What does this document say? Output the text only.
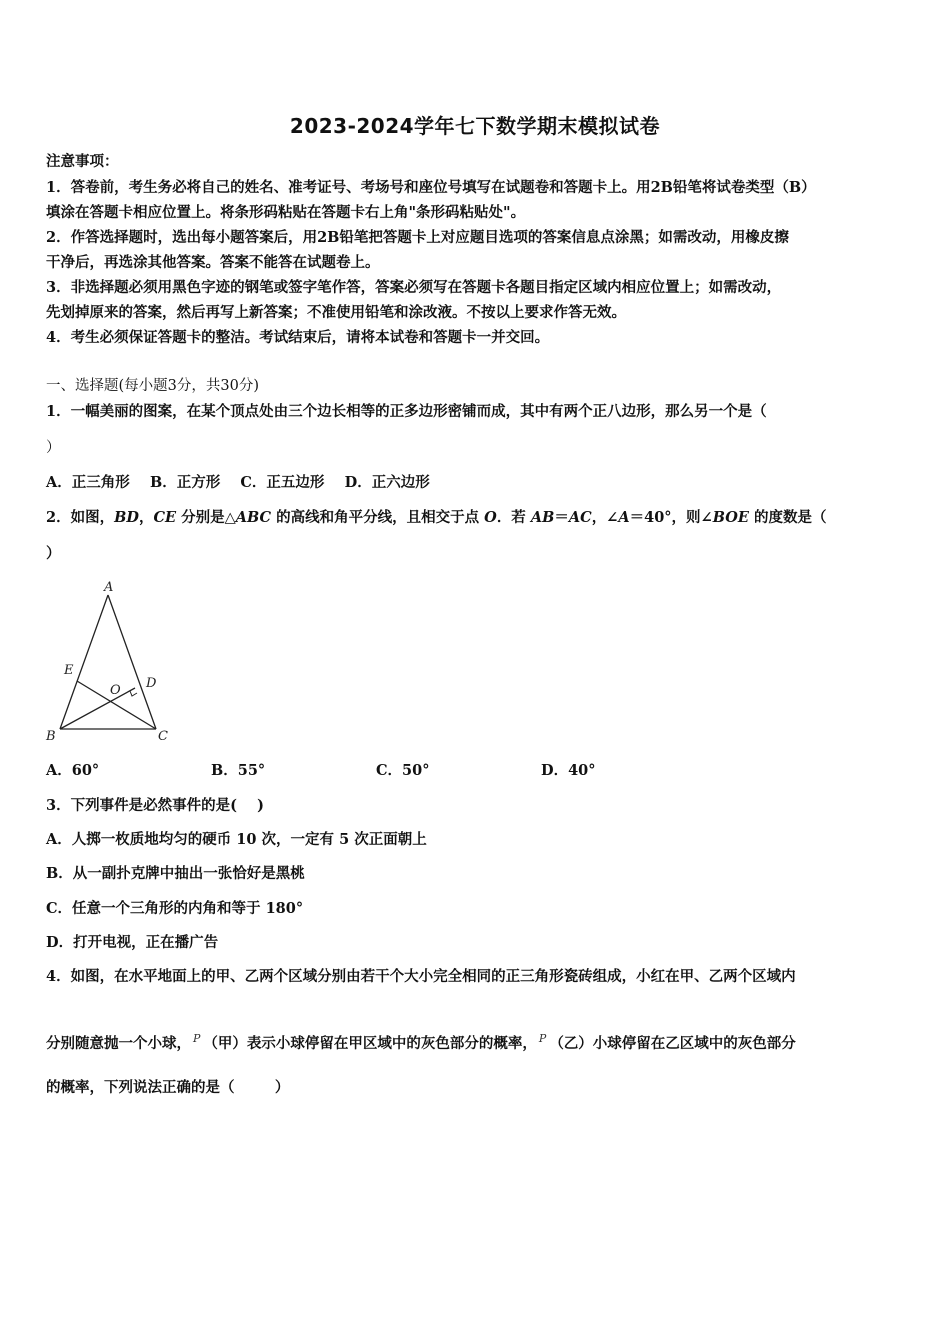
2023-2024学年七下数学期末模拟试卷
注意事项：
1．答卷前，考生务必将自己的姓名、准考证号、考场号和座位号填写在试题卷和答题卡上。用2B铅笔将试卷类型（B）
填涂在答题卡相应位置上。将条形码粘贴在答题卡右上角"条形码粘贴处"。
2．作答选择题时，选出每小题答案后，用2B铅笔把答题卡上对应题目选项的答案信息点涂黑；如需改动，用橡皮擦
干净后，再选涂其他答案。答案不能答在试题卷上。
3．非选择题必须用黑色字迹的钢笔或签字笔作答，答案必须写在答题卡各题目指定区域内相应位置上；如需改动，
先划掉原来的答案，然后再写上新答案；不准使用铅笔和涂改液。不按以上要求作答无效。
4．考生必须保证答题卡的整洁。考试结束后，请将本试卷和答题卡一并交回。
一、选择题(每小题3分，共30分)
1．一幅美丽的图案，在某个顶点处由三个边长相等的正多边形密铺而成，其中有两个正八边形，那么另一个是（
）
A．正三角形    B．正方形    C．正五边形    D．正六边形
2．如图，BD，CE 分别是△ABC 的高线和角平分线，且相交于点 O．若 AB＝AC，∠A＝40°，则∠BOE 的度数是（
）
A
B	C
D
E
O
A．60°	B．55°	C．50°	D．40°
3．下列事件是必然事件的是(    )
A．人掷一枚质地均匀的硬币 10 次，一定有 5 次正面朝上
B．从一副扑克牌中抽出一张恰好是黑桃
C．任意一个三角形的内角和等于 180°
D．打开电视，正在播广告
4．如图，在水平地面上的甲、乙两个区域分别由若干个大小完全相同的正三角形瓷砖组成，小红在甲、乙两个区域内
分别随意抛一个小球， P （甲）表示小球停留在甲区域中的灰色部分的概率， P （乙）小球停留在乙区域中的灰色部分
的概率，下列说法正确的是（        ）
